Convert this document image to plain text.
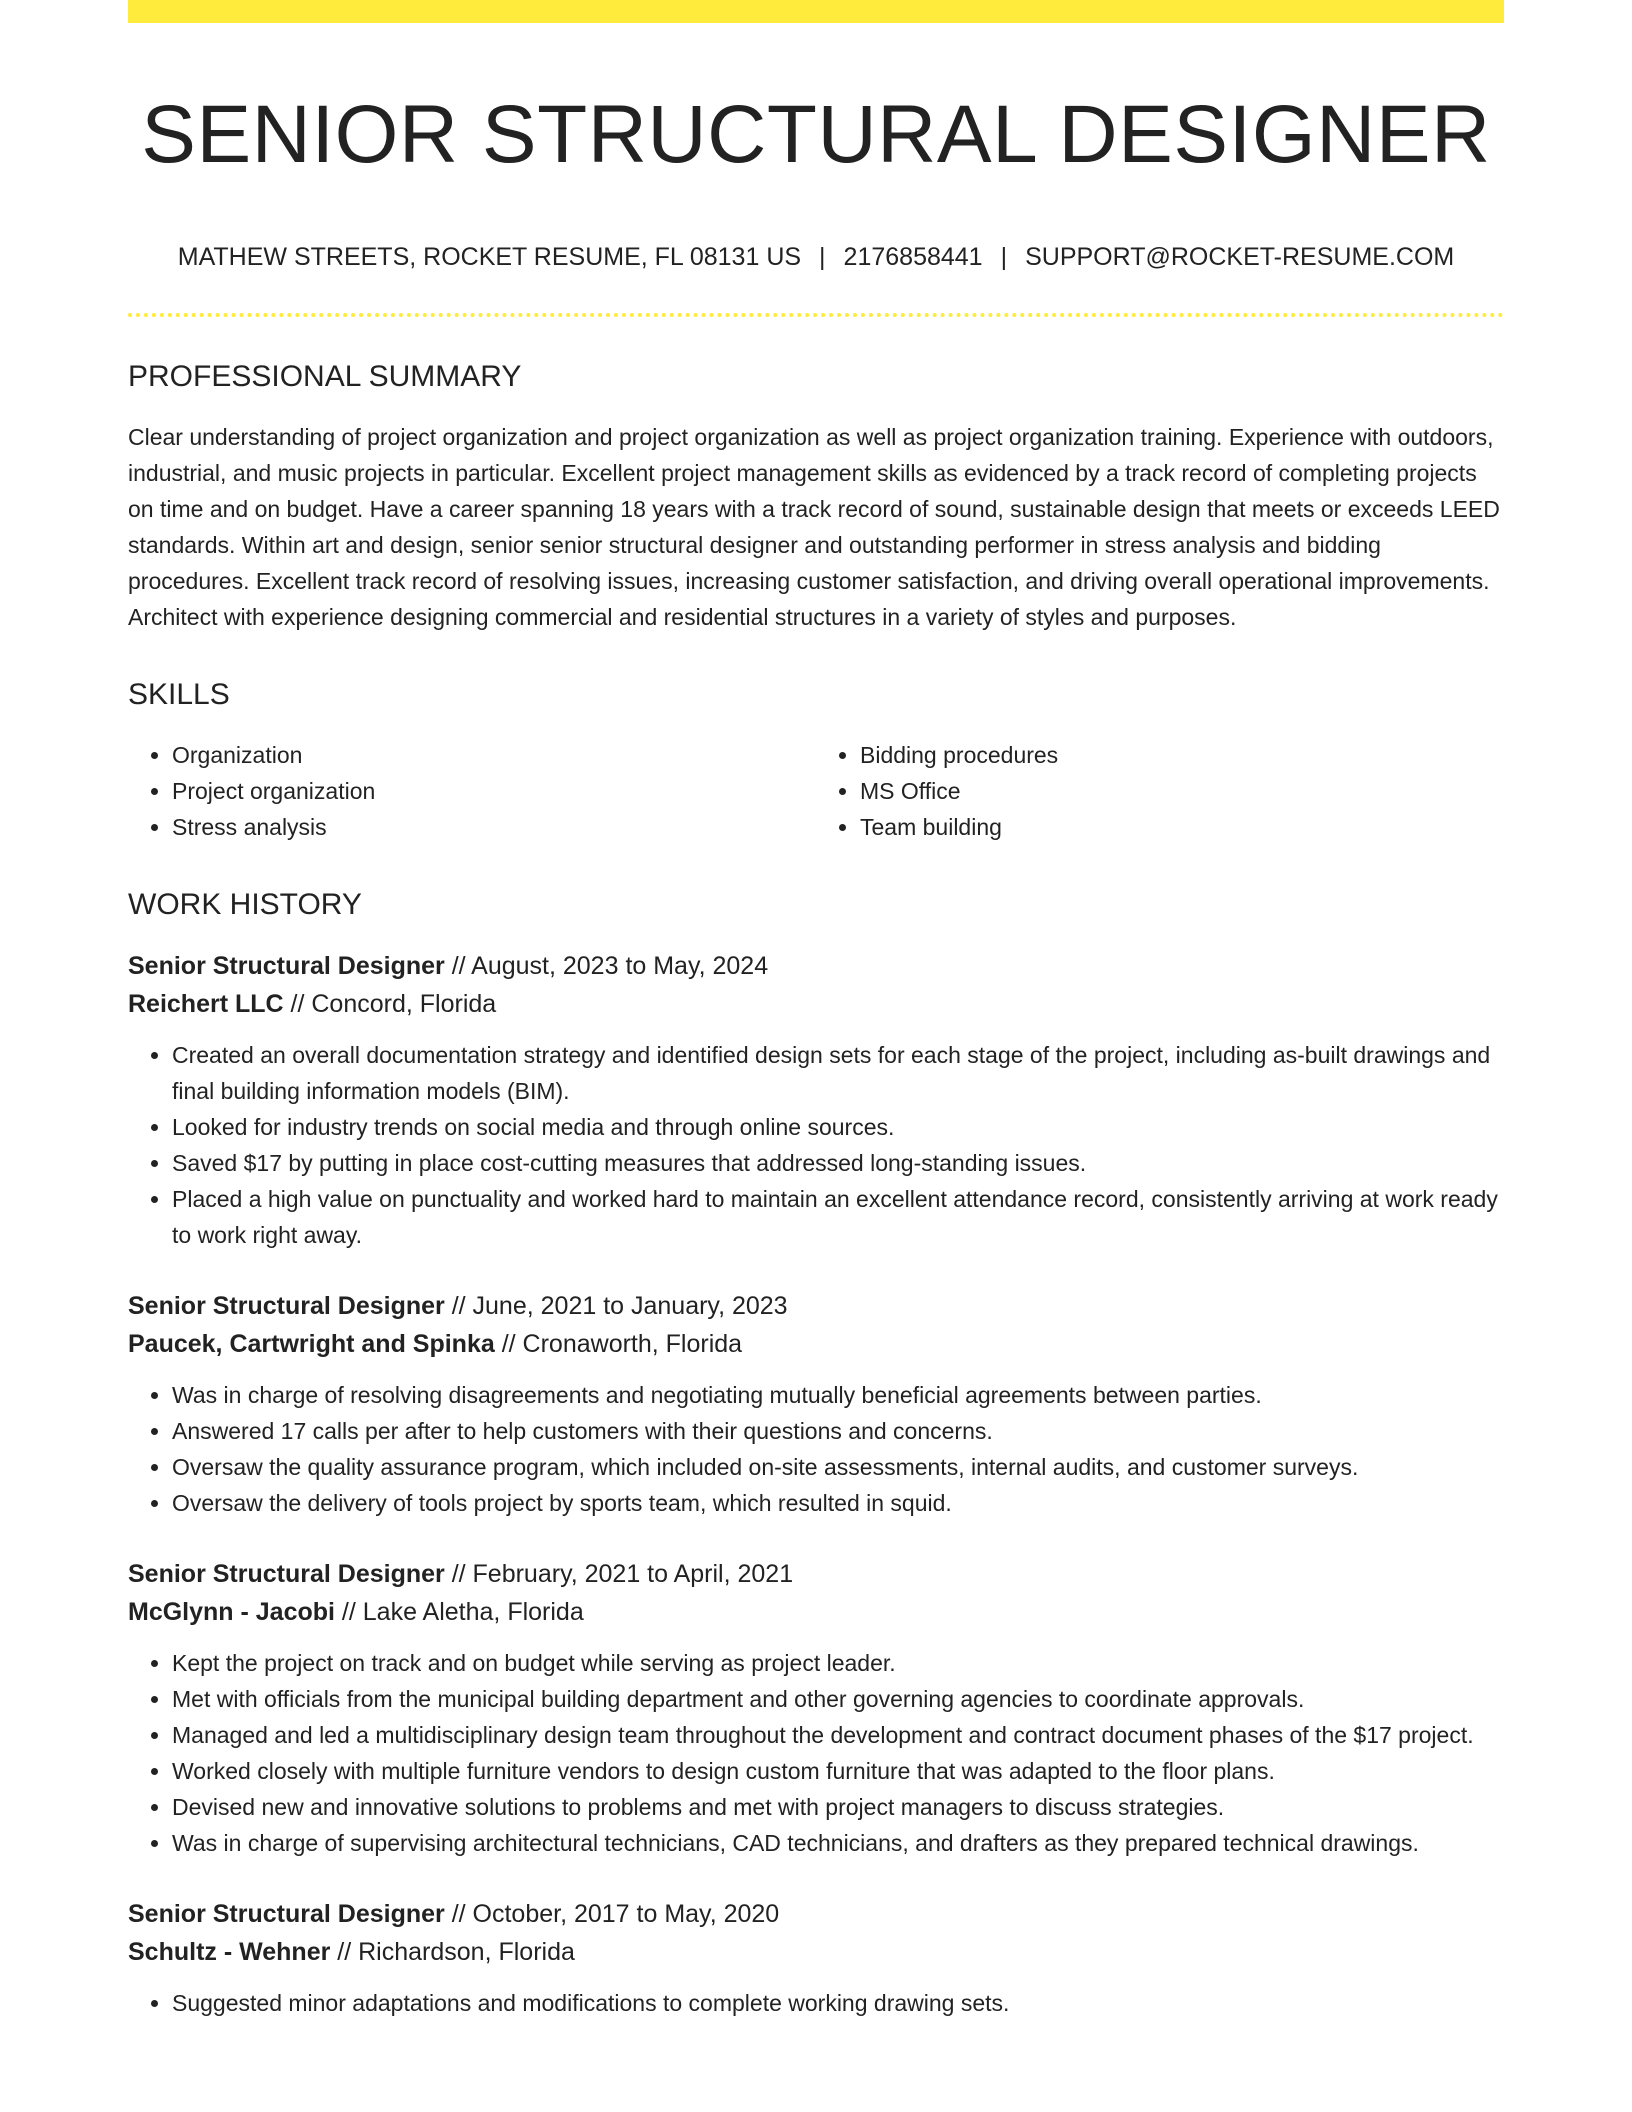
SENIOR STRUCTURAL DESIGNER
MATHEW STREETS, ROCKET RESUME, FL 08131 US | 2176858441 | SUPPORT@ROCKET-RESUME.COM
PROFESSIONAL SUMMARY

Clear understanding of project organization and project organization as well as project organization training. Experience with outdoors, industrial, and music projects in particular. Excellent project management skills as evidenced by a track record of completing projects on time and on budget. Have a career spanning 18 years with a track record of sound, sustainable design that meets or exceeds LEED standards. Within art and design, senior senior structural designer and outstanding performer in stress analysis and bidding procedures. Excellent track record of resolving issues, increasing customer satisfaction, and driving overall operational improvements. Architect with experience designing commercial and residential structures in a variety of styles and purposes.

SKILLS
• Organization
• Project organization
• Stress analysis
• Bidding procedures
• MS Office
• Team building
WORK HISTORY
Senior Structural Designer // August, 2023 to May, 2024
Reichert LLC // Concord, Florida
• Created an overall documentation strategy and identified design sets for each stage of the project, including as-built drawings and final building information models (BIM).
• Looked for industry trends on social media and through online sources.
• Saved $17 by putting in place cost-cutting measures that addressed long-standing issues.
• Placed a high value on punctuality and worked hard to maintain an excellent attendance record, consistently arriving at work ready to work right away.
Senior Structural Designer // June, 2021 to January, 2023
Paucek, Cartwright and Spinka // Cronaworth, Florida
• Was in charge of resolving disagreements and negotiating mutually beneficial agreements between parties.
• Answered 17 calls per after to help customers with their questions and concerns.
• Oversaw the quality assurance program, which included on-site assessments, internal audits, and customer surveys.
• Oversaw the delivery of tools project by sports team, which resulted in squid.
Senior Structural Designer // February, 2021 to April, 2021
McGlynn - Jacobi // Lake Aletha, Florida
• Kept the project on track and on budget while serving as project leader.
• Met with officials from the municipal building department and other governing agencies to coordinate approvals.
• Managed and led a multidisciplinary design team throughout the development and contract document phases of the $17 project.
• Worked closely with multiple furniture vendors to design custom furniture that was adapted to the floor plans.
• Devised new and innovative solutions to problems and met with project managers to discuss strategies.
• Was in charge of supervising architectural technicians, CAD technicians, and drafters as they prepared technical drawings.
Senior Structural Designer // October, 2017 to May, 2020
Schultz - Wehner // Richardson, Florida
• Suggested minor adaptations and modifications to complete working drawing sets.
